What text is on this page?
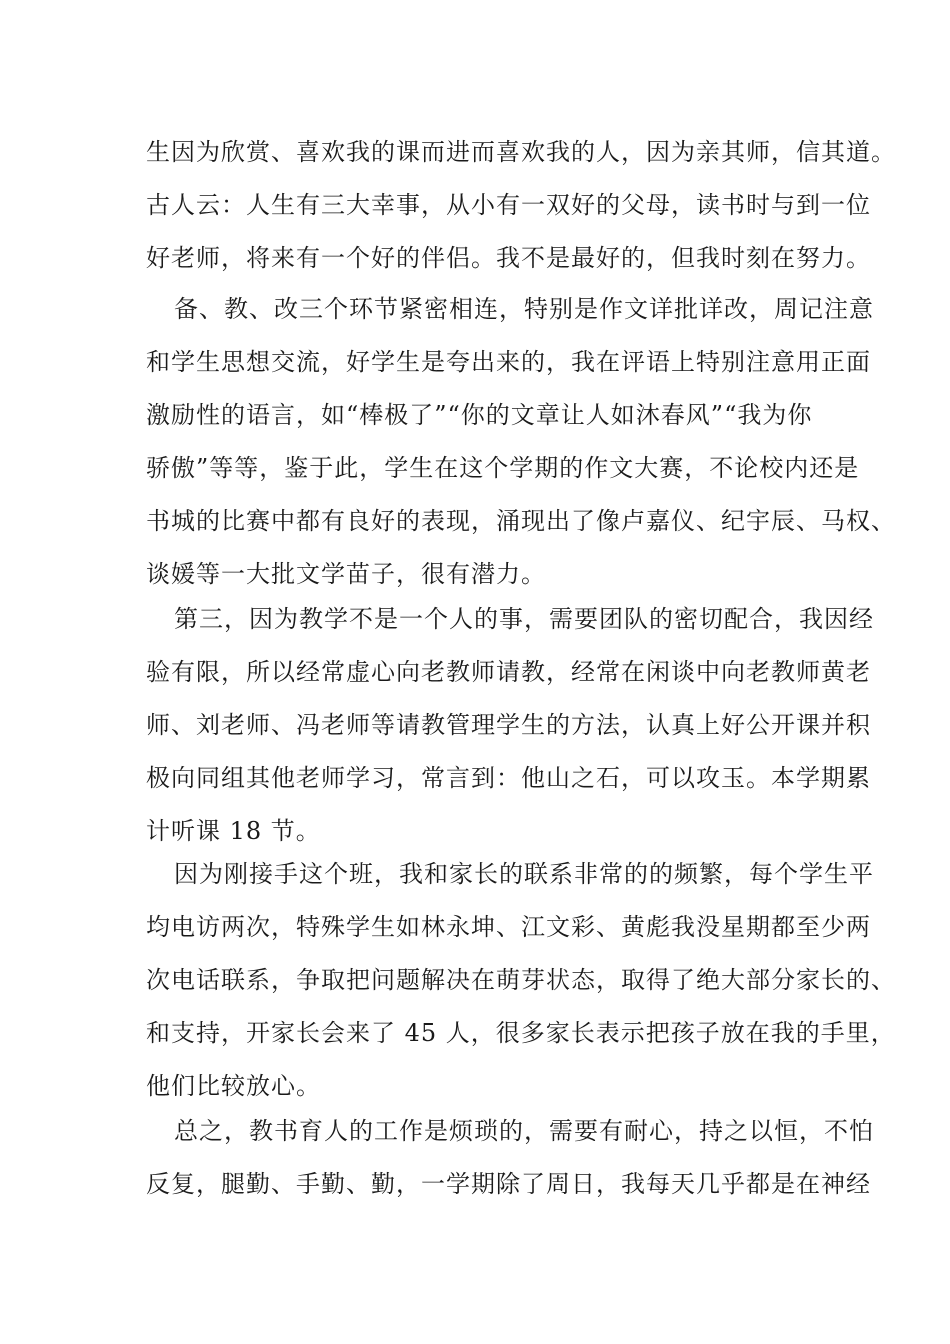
生因为欣赏、喜欢我的课而进而喜欢我的人，因为亲其师，信其道。
古人云：人生有三大幸事，从小有一双好的父母，读书时与到一位
好老师，将来有一个好的伴侣。我不是最好的，但我时刻在努力。
备、教、改三个环节紧密相连，特别是作文详批详改，周记注意
和学生思想交流，好学生是夸出来的，我在评语上特别注意用正面
激励性的语言，如“棒极了”“你的文章让人如沐春风”“我为你
骄傲”等等，鉴于此，学生在这个学期的作文大赛，不论校内还是
书城的比赛中都有良好的表现，涌现出了像卢嘉仪、纪宇辰、马权、
谈媛等一大批文学苗子，很有潜力。
第三，因为教学不是一个人的事，需要团队的密切配合，我因经
验有限，所以经常虚心向老教师请教，经常在闲谈中向老教师黄老
师、刘老师、冯老师等请教管理学生的方法，认真上好公开课并积
极向同组其他老师学习，常言到：他山之石，可以攻玉。本学期累
计听课 18 节。
因为刚接手这个班，我和家长的联系非常的的频繁，每个学生平
均电访两次，特殊学生如林永坤、江文彩、黄彪我没星期都至少两
次电话联系，争取把问题解决在萌芽状态，取得了绝大部分家长的、
和支持，开家长会来了 45 人，很多家长表示把孩子放在我的手里，
他们比较放心。
总之，教书育人的工作是烦琐的，需要有耐心，持之以恒，不怕
反复，腿勤、手勤、勤，一学期除了周日，我每天几乎都是在神经
